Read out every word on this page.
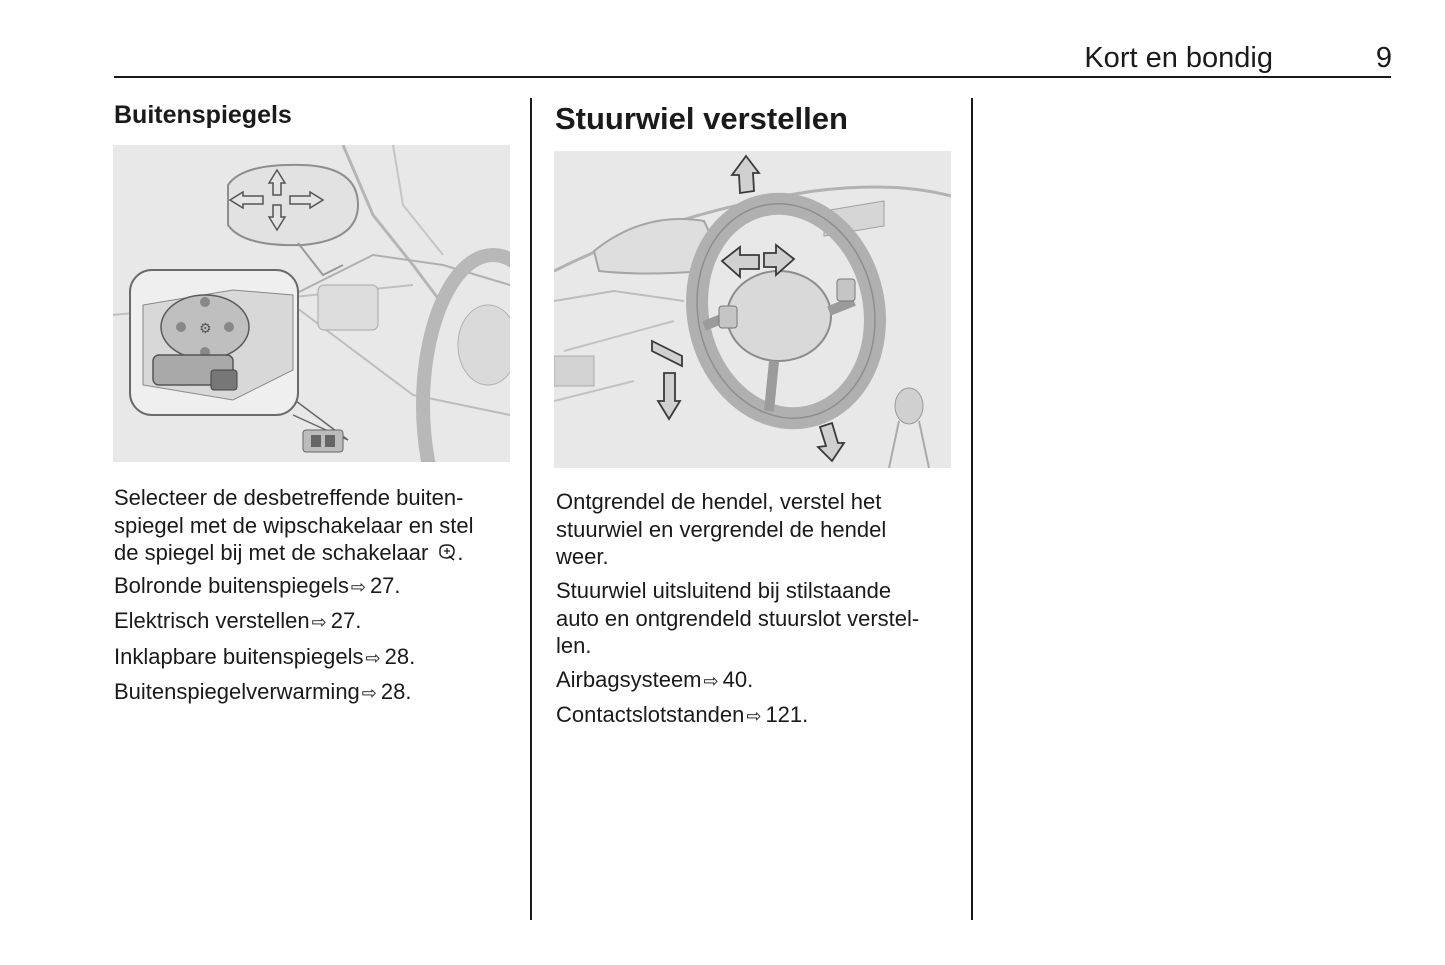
Kort en bondig	9
Buitenspiegels
⚙
Selecteer de desbetreffende buiten-
spiegel met de wipschakelaar en stel
de spiegel bij met de schakelaar .
Bolronde buitenspiegels ⇨ 27.
Elektrisch verstellen ⇨ 27.
Inklapbare buitenspiegels ⇨ 28.
Buitenspiegelverwarming ⇨ 28.
Stuurwiel verstellen
Ontgrendel de hendel, verstel het
stuurwiel en vergrendel de hendel
weer.
Stuurwiel uitsluitend bij stilstaande
auto en ontgrendeld stuurslot verstel-
len.
Airbagsysteem ⇨ 40.
Contactslotstanden ⇨ 121.
